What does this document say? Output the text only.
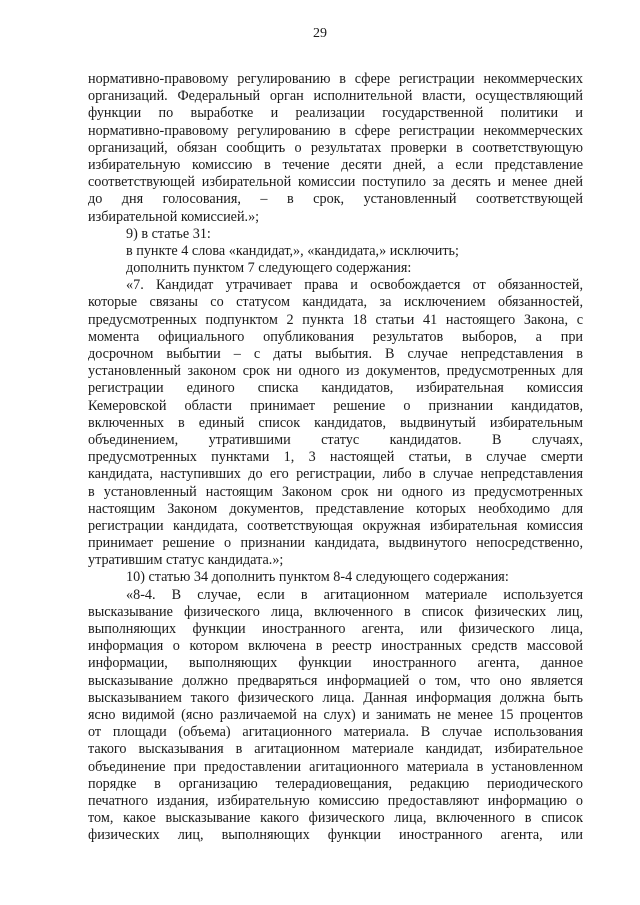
29
нормативно-правовому регулированию в сфере регистрации некоммерческих
организаций. Федеральный орган исполнительной власти, осуществляющий
функции по выработке и реализации государственной политики и
нормативно-правовому регулированию в сфере регистрации некоммерческих
организаций, обязан сообщить о результатах проверки в соответствующую
избирательную комиссию в течение десяти дней, а если представление
соответствующей избирательной комиссии поступило за десять и менее дней
до дня голосования, – в срок, установленный соответствующей
избирательной комиссией.»;
9) в статье 31:
в пункте 4 слова «кандидат,», «кандидата,» исключить;
дополнить пунктом 7 следующего содержания:
«7. Кандидат утрачивает права и освобождается от обязанностей,
которые связаны со статусом кандидата, за исключением обязанностей,
предусмотренных подпунктом 2 пункта 18 статьи 41 настоящего Закона, с
момента официального опубликования результатов выборов, а при
досрочном выбытии – с даты выбытия. В случае непредставления в
установленный законом срок ни одного из документов, предусмотренных для
регистрации единого списка кандидатов, избирательная комиссия
Кемеровской области принимает решение о признании кандидатов,
включенных в единый список кандидатов, выдвинутый избирательным
объединением, утратившими статус кандидатов. В случаях,
предусмотренных пунктами 1, 3 настоящей статьи, в случае смерти
кандидата, наступивших до его регистрации, либо в случае непредставления
в установленный настоящим Законом срок ни одного из предусмотренных
настоящим Законом документов, представление которых необходимо для
регистрации кандидата, соответствующая окружная избирательная комиссия
принимает решение о признании кандидата, выдвинутого непосредственно,
утратившим статус кандидата.»;
10) статью 34 дополнить пунктом 8-4 следующего содержания:
«8-4. В случае, если в агитационном материале используется
высказывание физического лица, включенного в список физических лиц,
выполняющих функции иностранного агента, или физического лица,
информация о котором включена в реестр иностранных средств массовой
информации, выполняющих функции иностранного агента, данное
высказывание должно предваряться информацией о том, что оно является
высказыванием такого физического лица. Данная информация должна быть
ясно видимой (ясно различаемой на слух) и занимать не менее 15 процентов
от площади (объема) агитационного материала. В случае использования
такого высказывания в агитационном материале кандидат, избирательное
объединение при предоставлении агитационного материала в установленном
порядке в организацию телерадиовещания, редакцию периодического
печатного издания, избирательную комиссию предоставляют информацию о
том, какое высказывание какого физического лица, включенного в список
физических лиц, выполняющих функции иностранного агента, или
